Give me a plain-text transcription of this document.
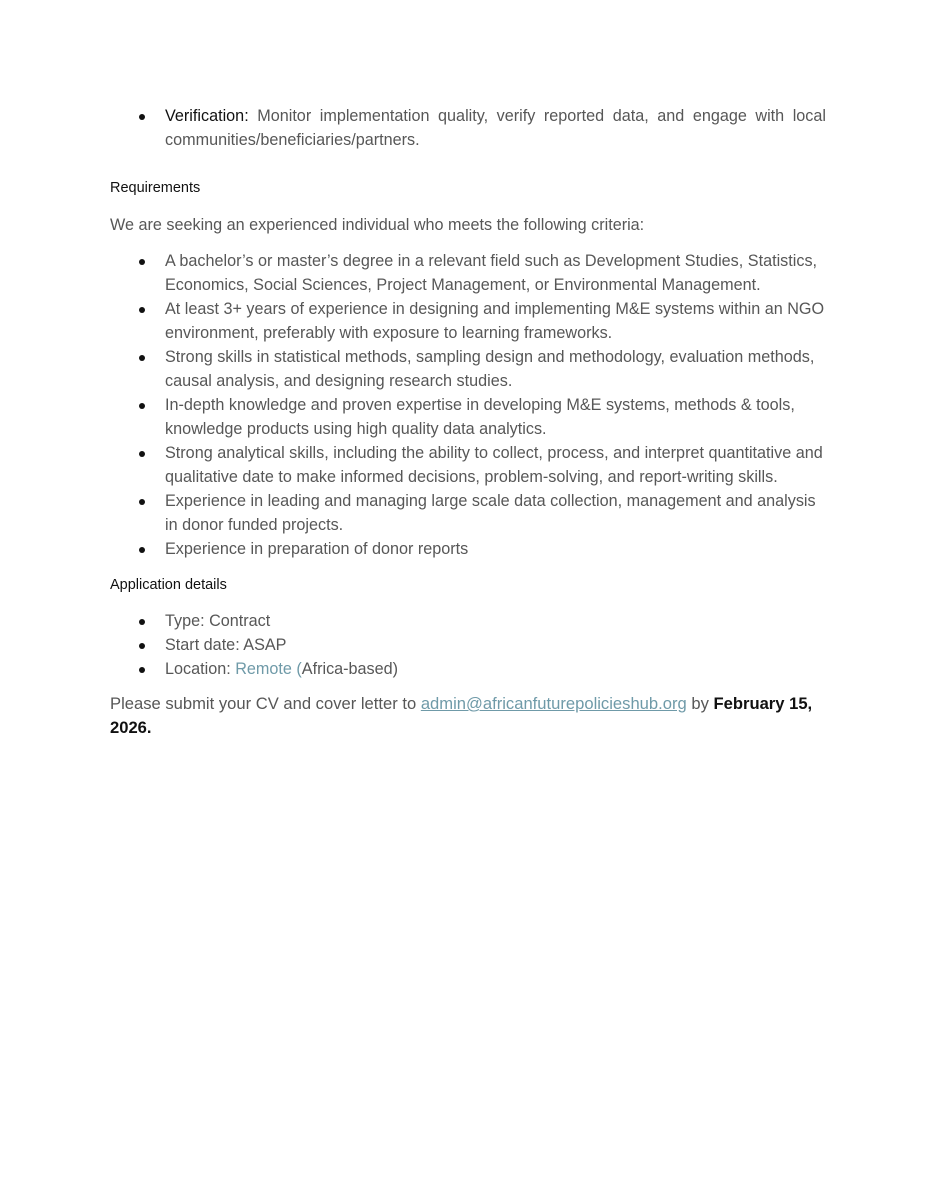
Verification: Monitor implementation quality, verify reported data, and engage with local communities/beneficiaries/partners.
Requirements
We are seeking an experienced individual who meets the following criteria:
A bachelor’s or master’s degree in a relevant field such as Development Studies, Statistics, Economics, Social Sciences, Project Management, or Environmental Management.
At least 3+ years of experience in designing and implementing M&E systems within an NGO environment, preferably with exposure to learning frameworks.
Strong skills in statistical methods, sampling design and methodology, evaluation methods, causal analysis, and designing research studies.
In-depth knowledge and proven expertise in developing M&E systems, methods & tools, knowledge products using high quality data analytics.
Strong analytical skills, including the ability to collect, process, and interpret quantitative and qualitative date to make informed decisions, problem-solving, and report-writing skills.
Experience in leading and managing large scale data collection, management and analysis in donor funded projects.
Experience in preparation of donor reports
Application details
Type: Contract
Start date: ASAP
Location: Remote (Africa-based)
Please submit your CV and cover letter to admin@africanfuturepolicieshub.org by February 15, 2026.
